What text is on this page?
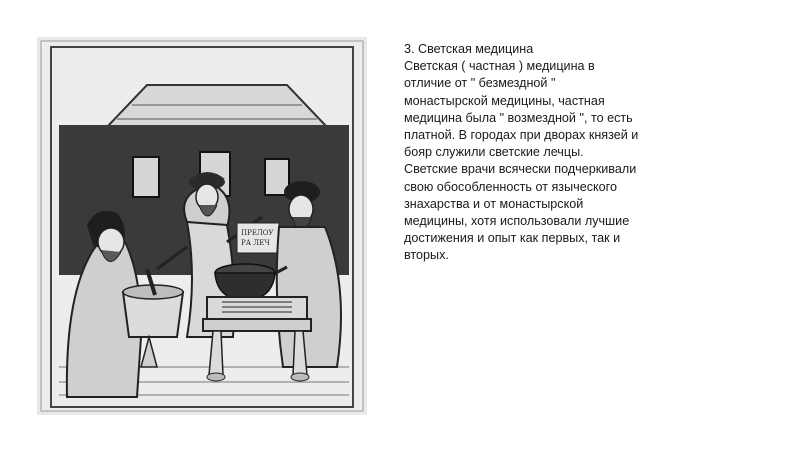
ПРЕЛОУ
РА ЛЕЧ
3. Светская медицина
Светская ( частная ) медицина в
отличие от " безмездной "
монастырской медицины, частная
медицина была " возмездной ", то есть
платной. В городах при дворах князей и
бояр служили светские лечцы.
Светские врачи всячески подчеркивали
свою обособленность от языческого
знахарства и от монастырской
медицины, хотя использовали лучшие
достижения и опыт как первых, так и
вторых.
